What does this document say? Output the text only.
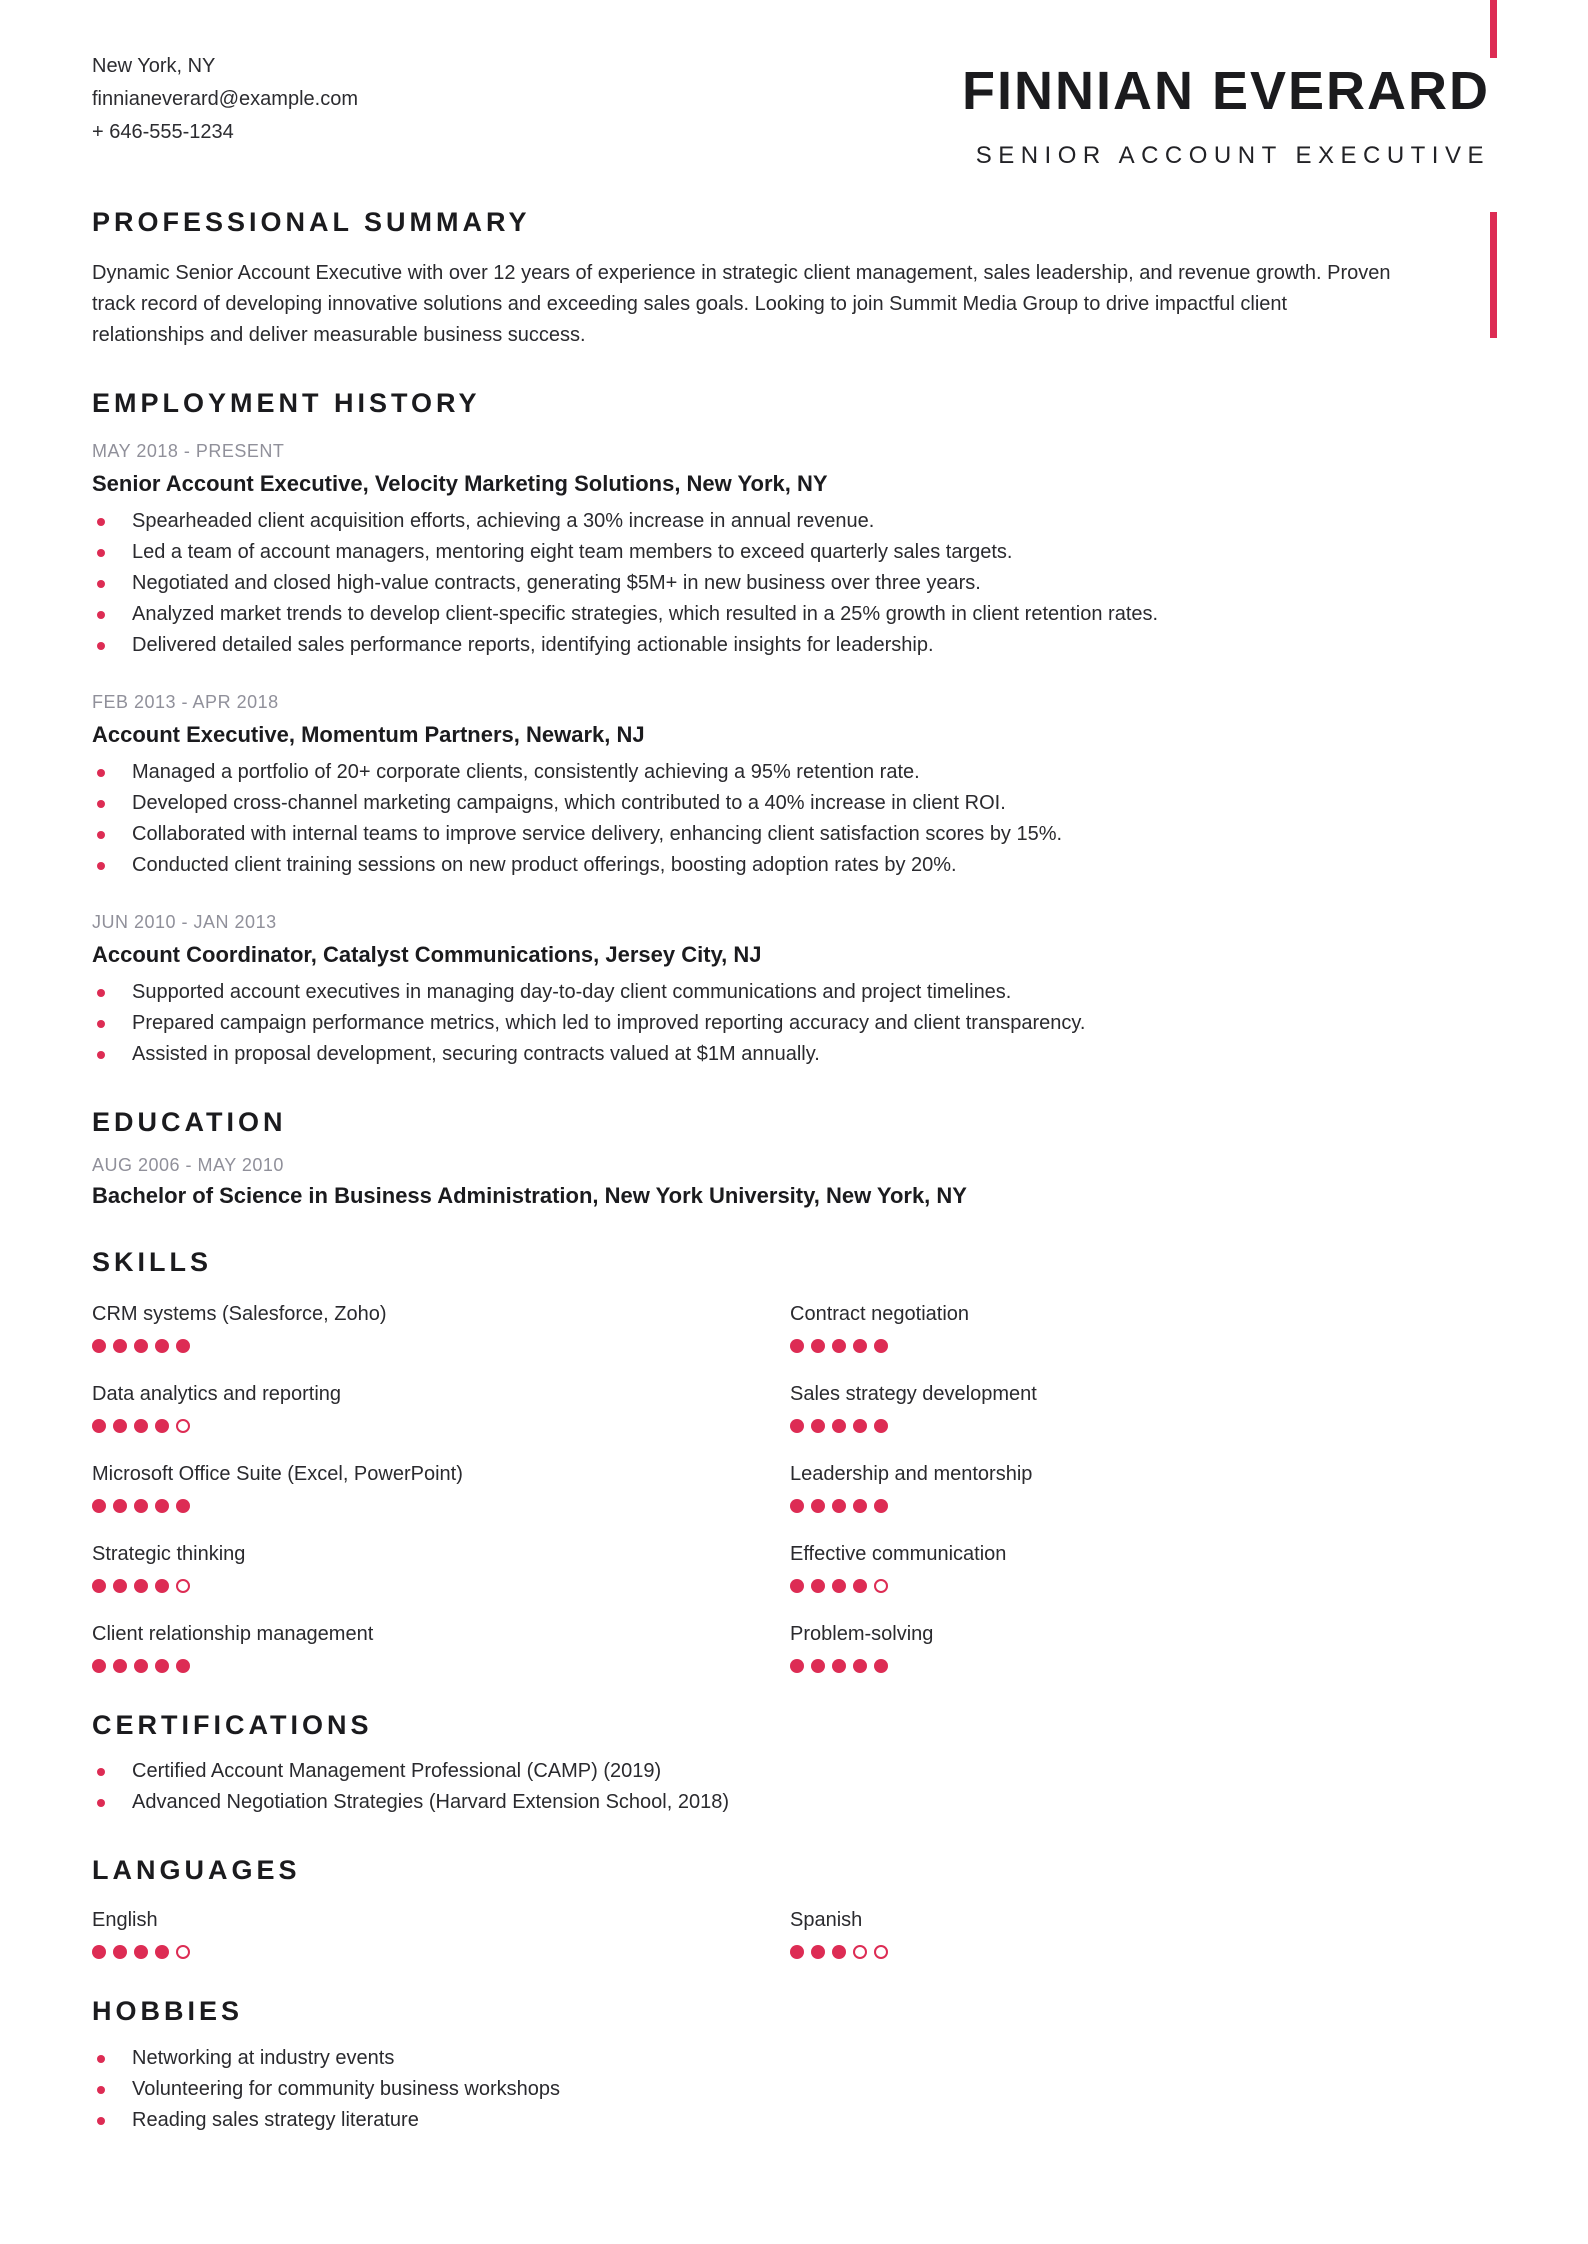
New York, NY
finnianeverard@example.com
+ 646-555-1234
FINNIAN EVERARD
SENIOR ACCOUNT EXECUTIVE
PROFESSIONAL SUMMARY
Dynamic Senior Account Executive with over 12 years of experience in strategic client management, sales leadership, and revenue growth. Proven track record of developing innovative solutions and exceeding sales goals. Looking to join Summit Media Group to drive impactful client relationships and deliver measurable business success.
EMPLOYMENT HISTORY
MAY 2018 - PRESENT
Senior Account Executive, Velocity Marketing Solutions, New York, NY
Spearheaded client acquisition efforts, achieving a 30% increase in annual revenue.
Led a team of account managers, mentoring eight team members to exceed quarterly sales targets.
Negotiated and closed high-value contracts, generating $5M+ in new business over three years.
Analyzed market trends to develop client-specific strategies, which resulted in a 25% growth in client retention rates.
Delivered detailed sales performance reports, identifying actionable insights for leadership.
FEB 2013 - APR 2018
Account Executive, Momentum Partners, Newark, NJ
Managed a portfolio of 20+ corporate clients, consistently achieving a 95% retention rate.
Developed cross-channel marketing campaigns, which contributed to a 40% increase in client ROI.
Collaborated with internal teams to improve service delivery, enhancing client satisfaction scores by 15%.
Conducted client training sessions on new product offerings, boosting adoption rates by 20%.
JUN 2010 - JAN 2013
Account Coordinator, Catalyst Communications, Jersey City, NJ
Supported account executives in managing day-to-day client communications and project timelines.
Prepared campaign performance metrics, which led to improved reporting accuracy and client transparency.
Assisted in proposal development, securing contracts valued at $1M annually.
EDUCATION
AUG 2006 - MAY 2010
Bachelor of Science in Business Administration, New York University, New York, NY
SKILLS
CRM systems (Salesforce, Zoho)	Contract negotiation
Data analytics and reporting	Sales strategy development
Microsoft Office Suite (Excel, PowerPoint)	Leadership and mentorship
Strategic thinking	Effective communication
Client relationship management	Problem-solving
CERTIFICATIONS
Certified Account Management Professional (CAMP) (2019)
Advanced Negotiation Strategies (Harvard Extension School, 2018)
LANGUAGES
English	Spanish
HOBBIES
Networking at industry events
Volunteering for community business workshops
Reading sales strategy literature
